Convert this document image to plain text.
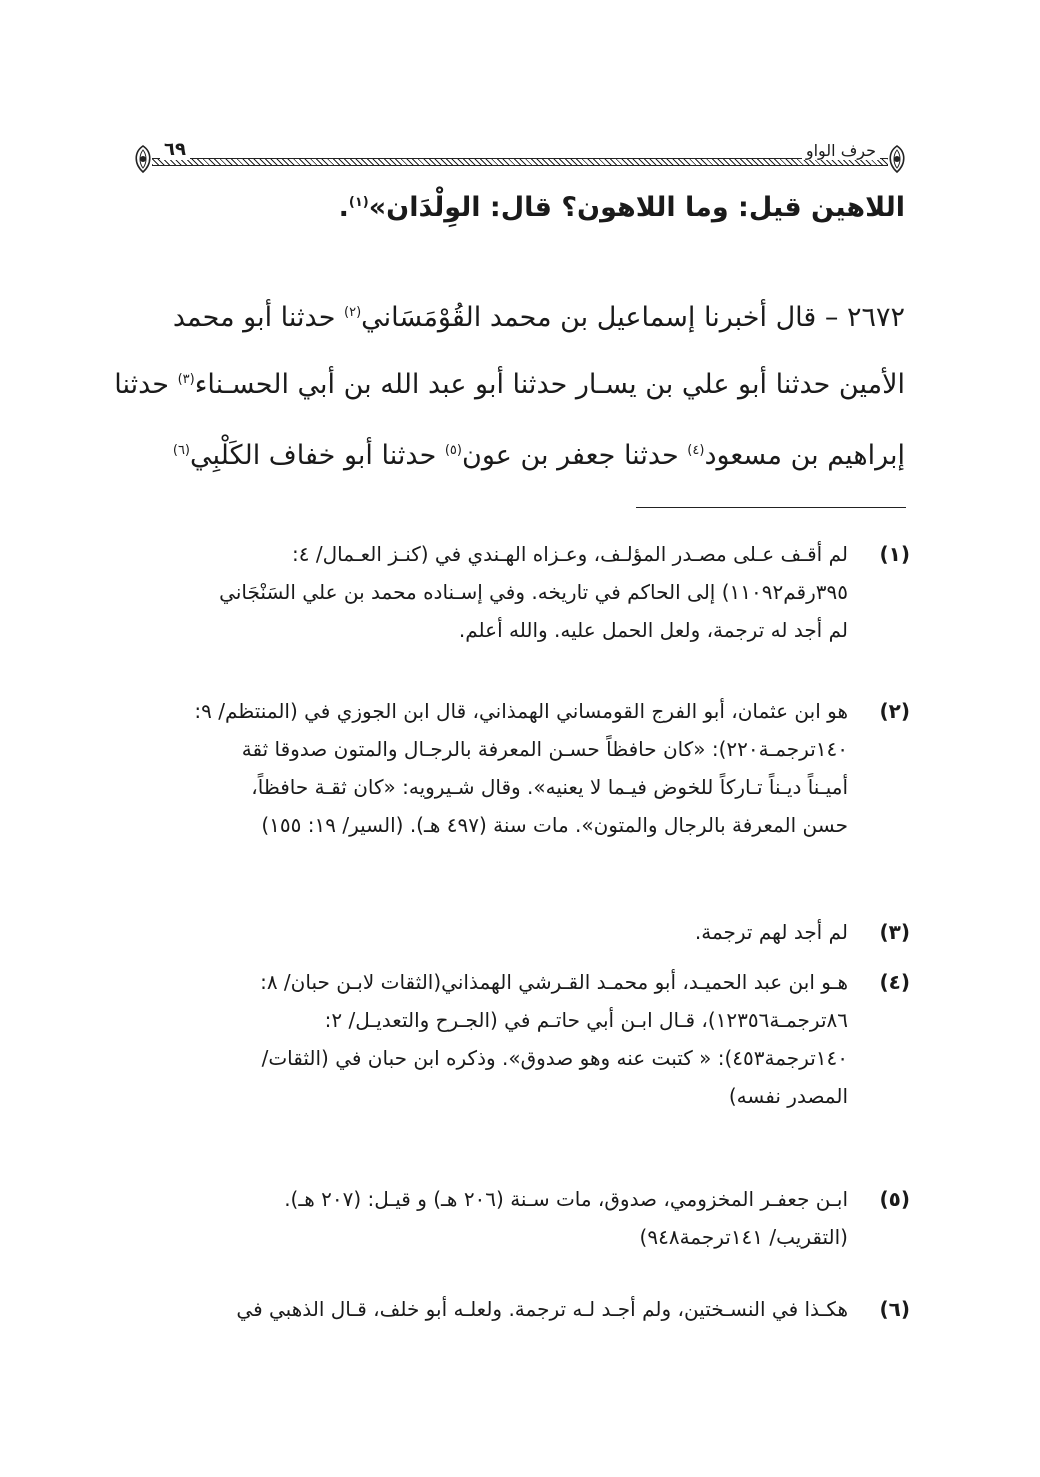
٦٩	حرف الواو
اللاهين قيل: وما اللاهون؟ قال: الوِلْدَان»$^{(١)}$.
٢٦٧٢ – قال أخبرنا إسماعيل بن محمد القُوْمَسَاني$^{(٢)}$ حدثنا أبو محمد
الأمين حدثنا أبو علي بن يسـار حدثنا أبو عبد الله بن أبي الحسـناء$^{(٣)}$ حدثنا
إبراهيم بن مسعود$^{(٤)}$ حدثنا جعفر بن عون$^{(٥)}$ حدثنا أبو خفاف الكَلْبِي$^{(٦)}$
(١)
لم أقـف عـلى مصـدر المؤلـف، وعـزاه الهـندي في (كنـز العـمال/ ٤:
٣٩٥رقم١١٠٩٢) إلى الحاكم في تاريخه. وفي إسـناده محمد بن علي السَنْجَاني
لم أجد له ترجمة، ولعل الحمل عليه. والله أعلم.
(٢)
هو ابن عثمان، أبو الفرج القومساني الهمذاني، قال ابن الجوزي في (المنتظم/ ٩:
١٤٠ترجمـة٢٢٠): «كان حافظاً حسـن المعرفة بالرجـال والمتون صدوقا ثقة
أميـناً ديـناً تـاركاً للخوض فيـما لا يعنيه». وقال شـيرويه: «كان ثقـة حافظاً،
حسن المعرفة بالرجال والمتون». مات سنة (٤٩٧ هـ). (السير/ ١٩: ١٥٥)
(٣)
لم أجد لهم ترجمة.
(٤)
هـو ابن عبد الحميـد، أبو محمـد القـرشي الهمذاني(الثقات لابـن حبان/ ٨:
٨٦ترجمـة١٢٣٥٦)، قـال ابـن أبي حاتـم في (الجـرح والتعديـل/ ٢:
١٤٠ترجمة٤٥٣): « كتبت عنه وهو صدوق». وذكره ابن حبان في (الثقات/
المصدر نفسه)
(٥)
ابـن جعفـر المخزومي، صدوق، مات سـنة (٢٠٦ هـ) و قيـل: (٢٠٧ هـ).
(التقريب/ ١٤١ترجمة٩٤٨)
(٦)
هكـذا في النسـختين، ولم أجـد لـه ترجمة. ولعلـه أبو خلف، قـال الذهبي في
